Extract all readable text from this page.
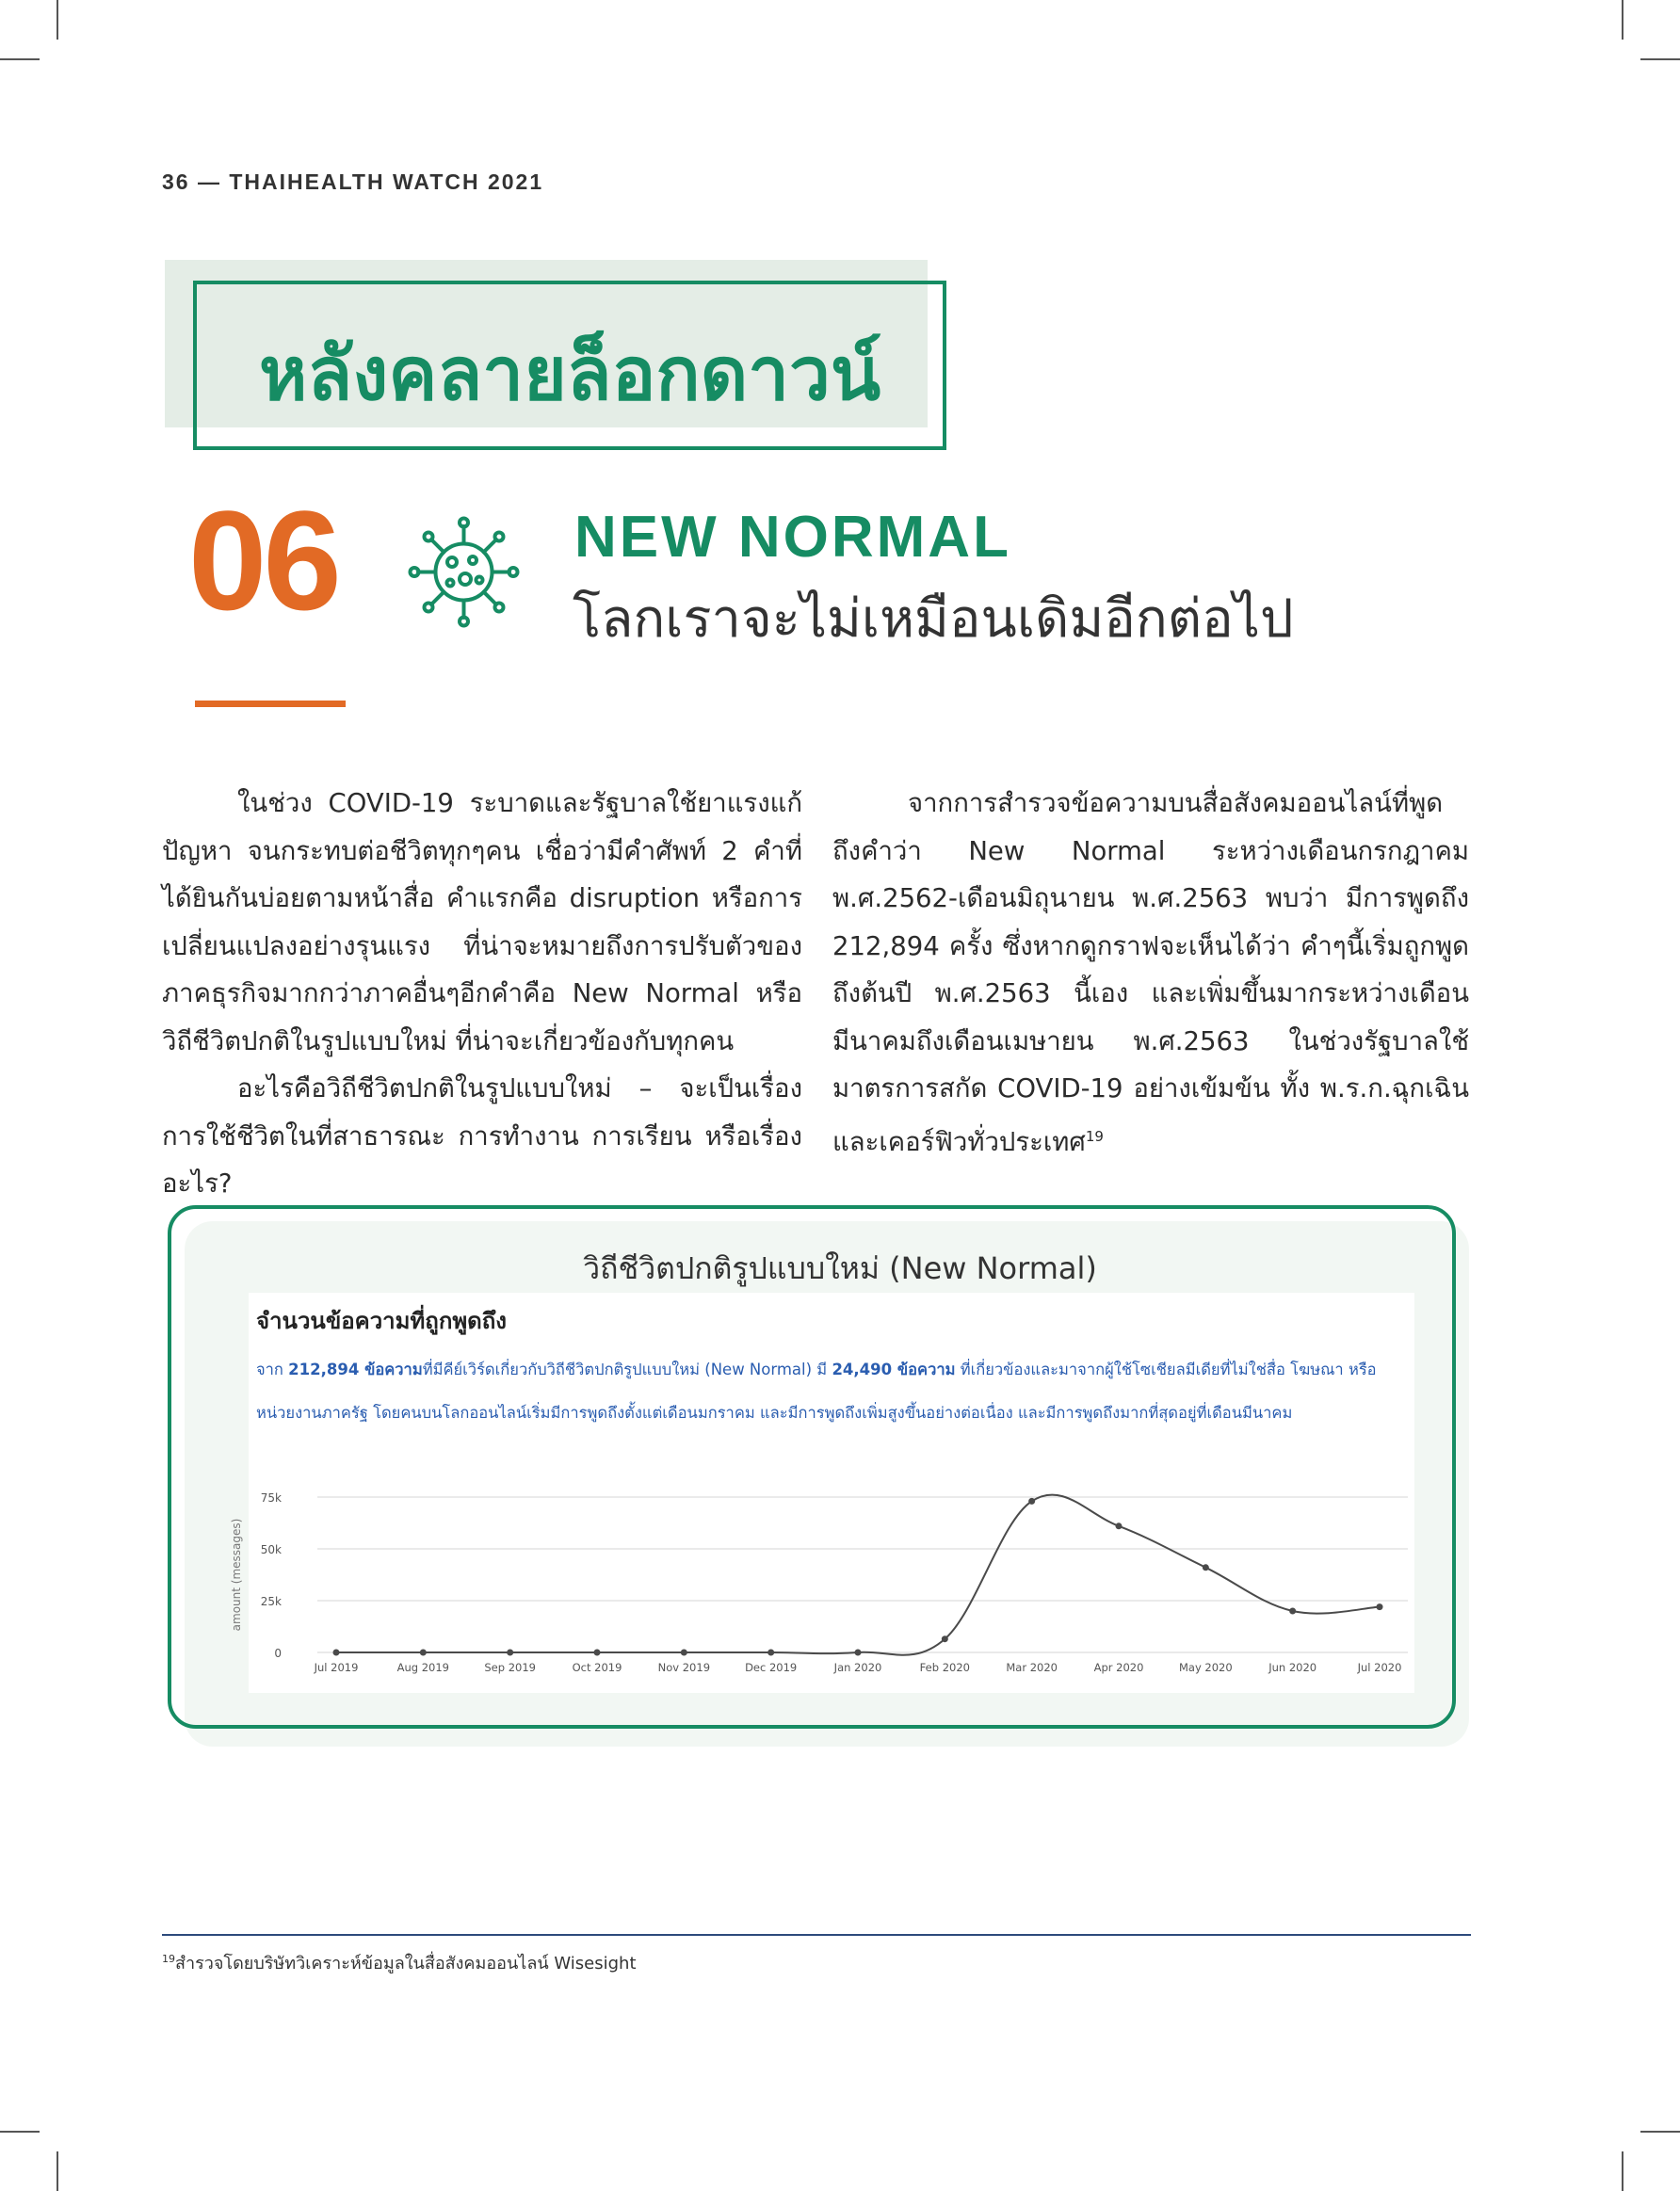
36 — THAIHEALTH WATCH 2021
หลังคลายล็อกดาวน์
06	NEW NORMAL
โลกเราจะไม่เหมือนเดิมอีกต่อไป

ในช่วง COVID-19 ระบาดและรัฐบาลใช้ยาแรงแก้ปัญหา จนกระทบต่อชีวิตทุกๆคน เชื่อว่ามีคำศัพท์ 2 คำที่ได้ยินกันบ่อยตามหน้าสื่อ คำแรกคือ disruption หรือการเปลี่ยนแปลงอย่างรุนแรง ที่น่าจะหมายถึงการปรับตัวของภาคธุรกิจมากกว่าภาคอื่นๆอีกคำคือ New Normal หรือวิถีชีวิตปกติในรูปแบบใหม่ ที่น่าจะเกี่ยวข้องกับทุกคน

อะไรคือวิถีชีวิตปกติในรูปแบบใหม่ – จะเป็นเรื่องการใช้ชีวิตในที่สาธารณะ การทำงาน การเรียน หรือเรื่องอะไร?

จากการสำรวจข้อความบนสื่อสังคมออนไลน์ที่พูดถึงคำว่า New Normal ระหว่างเดือนกรกฎาคม พ.ศ.2562-เดือนมิถุนายน พ.ศ.2563 พบว่า มีการพูดถึง 212,894 ครั้ง ซึ่งหากดูกราฟจะเห็นได้ว่า คำๆนี้เริ่มถูกพูดถึงต้นปี พ.ศ.2563 นี้เอง และเพิ่มขึ้นมากระหว่างเดือนมีนาคมถึงเดือนเมษายน พ.ศ.2563 ในช่วงรัฐบาลใช้มาตรการสกัด COVID-19 อย่างเข้มข้น ทั้ง พ.ร.ก.ฉุกเฉินและเคอร์ฟิวทั่วประเทศ$^{19}$

วิถีชีวิตปกติรูปแบบใหม่ (New Normal)
จำนวนข้อความที่ถูกพูดถึง
จาก 212,894 ข้อความที่มีคีย์เวิร์ดเกี่ยวกับวิถีชีวิตปกติรูปแบบใหม่ (New Normal) มี 24,490 ข้อความ ที่เกี่ยวข้องและมาจากผู้ใช้โซเชียลมีเดียที่ไม่ใช่สื่อ โฆษณา หรือหน่วยงานภาครัฐ โดยคนบนโลกออนไลน์เริ่มมีการพูดถึงตั้งแต่เดือนมกราคม และมีการพูดถึงเพิ่มสูงขึ้นอย่างต่อเนื่อง และมีการพูดถึงมากที่สุดอยู่ที่เดือนมีนาคม
0
25k
50k
75k
amount (messages)
Jul 2019	Aug 2019	Sep 2019	Oct 2019	Nov 2019	Dec 2019	Jan 2020	Feb 2020	Mar 2020	Apr 2020	May 2020	Jun 2020	Jul 2020
$^{19}$สำรวจโดยบริษัทวิเคราะห์ข้อมูลในสื่อสังคมออนไลน์ Wisesight
